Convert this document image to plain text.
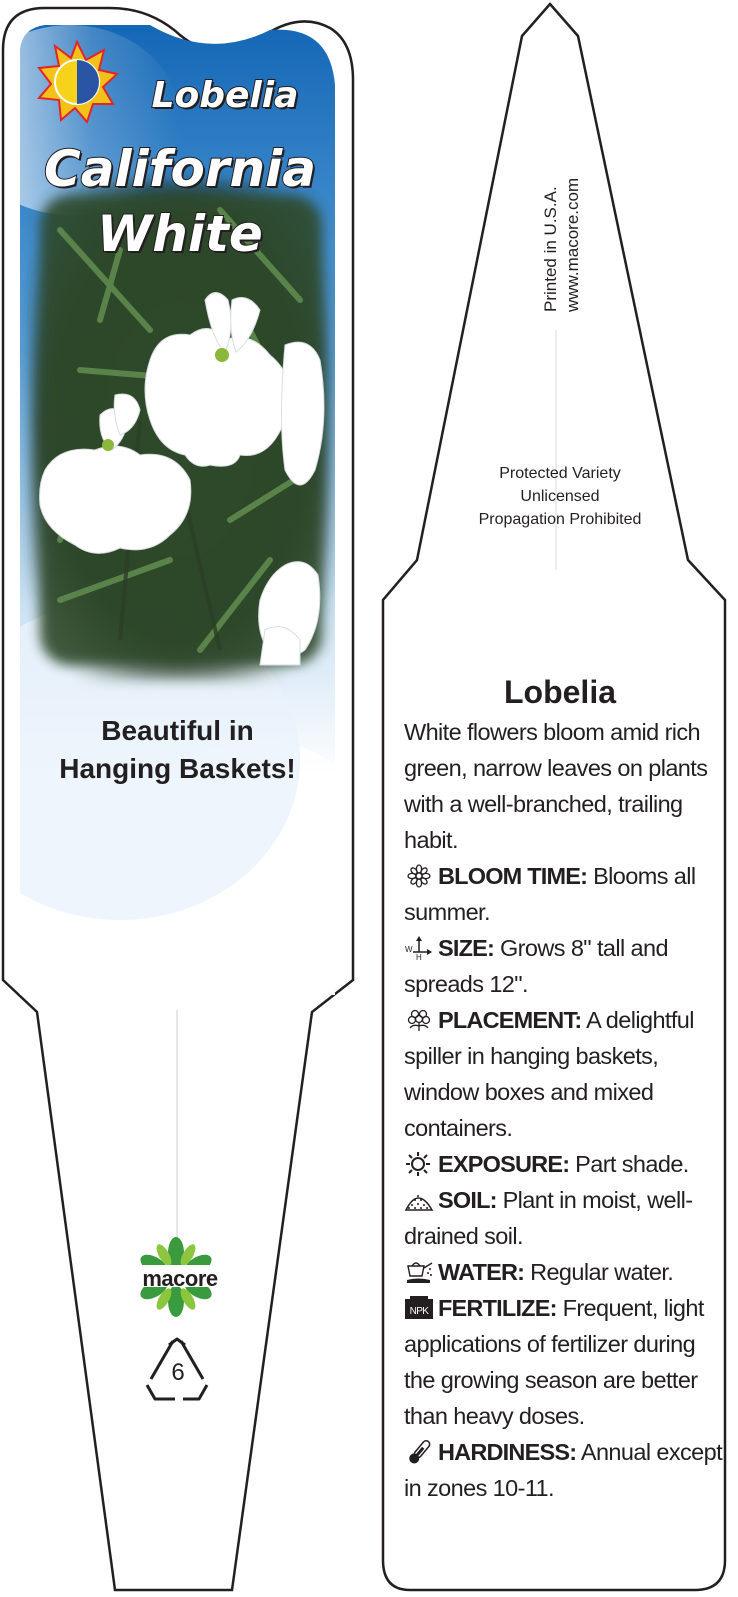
Lobelia
California
White
Beautiful in
Hanging Baskets!
macore
6
Printed in U.S.A. www.macore.com
Protected Variety
Unlicensed
Propagation Prohibited
Lobelia

White flowers bloom amid rich green, narrow leaves on plants with a well-branched, trailing habit.

BLOOM TIME: Blooms all summer.

W
H SIZE: Grows 8" tall and spreads 12".

PLACEMENT: A delightful spiller in hanging baskets, window boxes and mixed containers.

EXPOSURE: Part shade.

SOIL: Plant in moist, well-drained soil.

WATER: Regular water.

NPK FERTILIZE: Frequent, light applications of fertilizer during the growing season are better than heavy doses.

HARDINESS: Annual except in zones 10-11.
